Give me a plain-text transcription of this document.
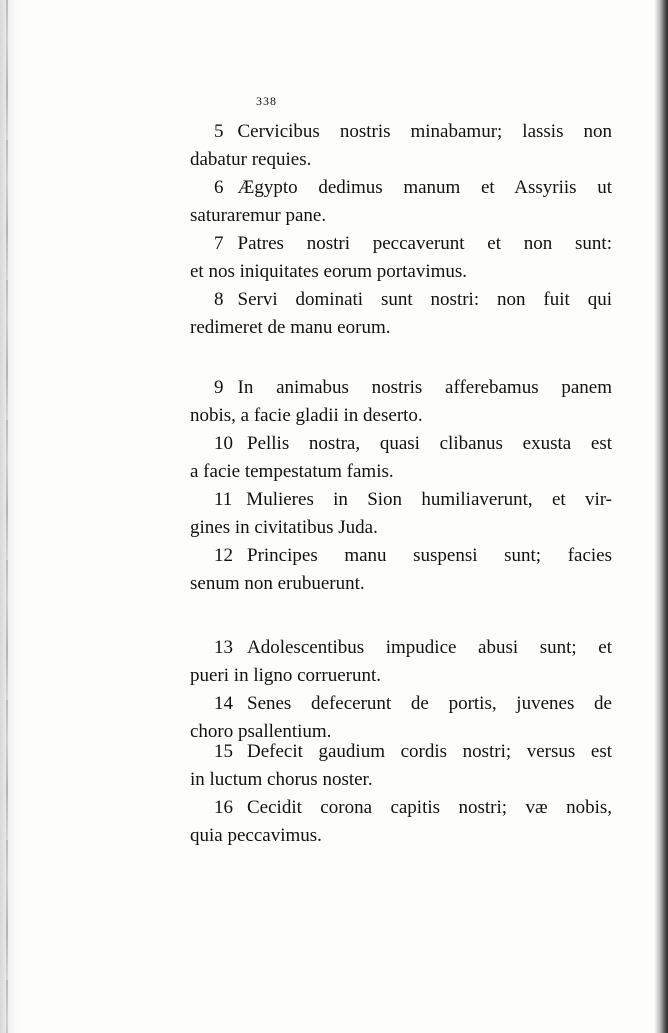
338
5 Cervicibus nostris minabamur; lassis non
dabatur requies.
6 Ægypto dedimus manum et Assyriis ut
saturaremur pane.
7 Patres nostri peccaverunt et non sunt:
et nos iniquitates eorum portavimus.
8 Servi dominati sunt nostri: non fuit qui
redimeret de manu eorum.
9 In animabus nostris afferebamus panem
nobis, a facie gladii in deserto.
10 Pellis nostra, quasi clibanus exusta est
a facie tempestatum famis.
11 Mulieres in Sion humiliaverunt, et vir-
gines in civitatibus Juda.
12 Principes manu suspensi sunt; facies
senum non erubuerunt.
13 Adolescentibus impudice abusi sunt; et
pueri in ligno corruerunt.
14 Senes defecerunt de portis, juvenes de
choro psallentium.
15 Defecit gaudium cordis nostri; versus est
in luctum chorus noster.
16 Cecidit corona capitis nostri; væ nobis,
quia peccavimus.
